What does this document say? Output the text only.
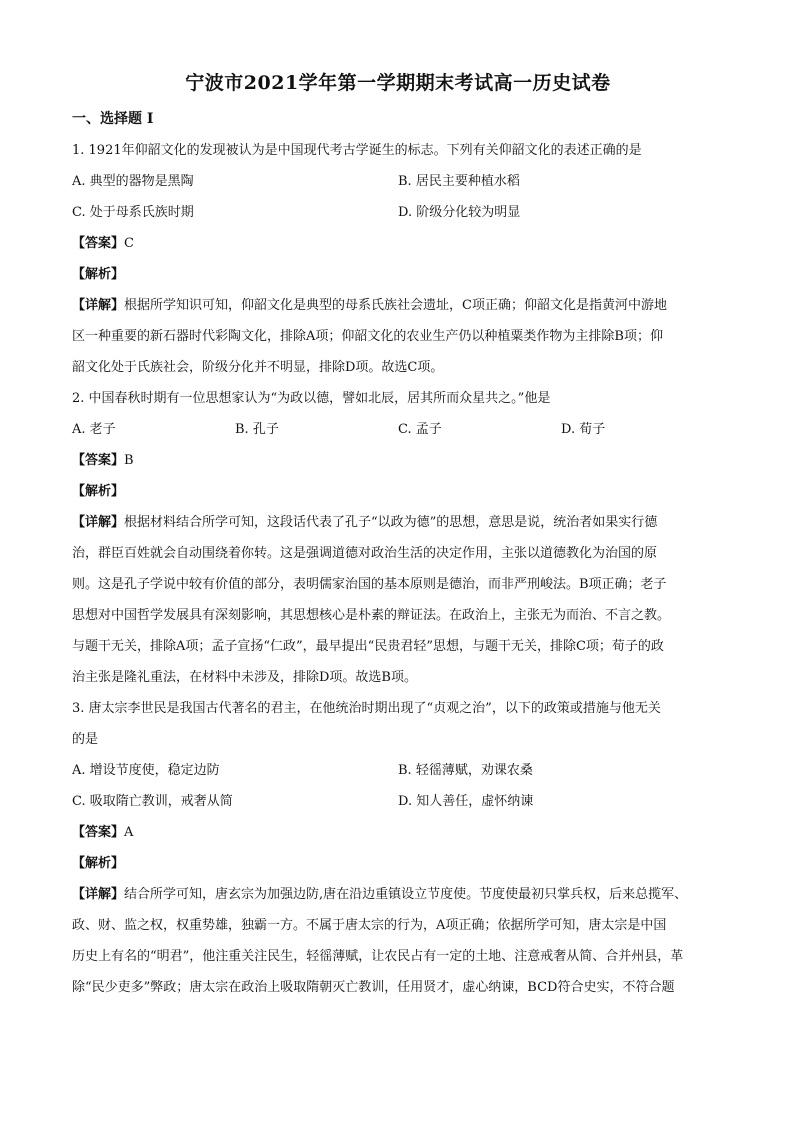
宁波市2021学年第一学期期末考试高一历史试卷
一、选择题 I
1. 1921年仰韶文化的发现被认为是中国现代考古学诞生的标志。下列有关仰韶文化的表述正确的是
A. 典型的器物是黑陶	B. 居民主要种植水稻
C. 处于母系氏族时期	D. 阶级分化较为明显
【答案】C
【解析】
【详解】根据所学知识可知，仰韶文化是典型的母系氏族社会遗址，C项正确；仰韶文化是指黄河中游地
区一种重要的新石器时代彩陶文化，排除A项；仰韶文化的农业生产仍以种植粟类作物为主排除B项；仰
韶文化处于氏族社会，阶级分化并不明显，排除D项。故选C项。
2. 中国春秋时期有一位思想家认为“为政以德，譬如北辰，居其所而众星共之。”他是
A. 老子	B. 孔子	C. 孟子	D. 荀子
【答案】B
【解析】
【详解】根据材料结合所学可知，这段话代表了孔子“以政为德”的思想，意思是说，统治者如果实行德
治，群臣百姓就会自动围绕着你转。这是强调道德对政治生活的决定作用，主张以道德教化为治国的原
则。这是孔子学说中较有价值的部分，表明儒家治国的基本原则是德治，而非严刑峻法。B项正确；老子
思想对中国哲学发展具有深刻影响，其思想核心是朴素的辩证法。在政治上，主张无为而治、不言之教。
与题干无关，排除A项；孟子宣扬“仁政”，最早提出“民贵君轻”思想，与题干无关，排除C项；荀子的政
治主张是隆礼重法，在材料中未涉及，排除D项。故选B项。
3. 唐太宗李世民是我国古代著名的君主，在他统治时期出现了“贞观之治”，以下的政策或措施与他无关
的是
A. 增设节度使，稳定边防	B. 轻徭薄赋，劝课农桑
C. 吸取隋亡教训，戒奢从简	D. 知人善任，虚怀纳谏
【答案】A
【解析】
【详解】结合所学可知，唐玄宗为加强边防,唐在沿边重镇设立节度使。节度使最初只掌兵权，后来总揽军、
政、财、监之权，权重势雄，独霸一方。不属于唐太宗的行为，A项正确；依据所学可知，唐太宗是中国
历史上有名的“明君”，他注重关注民生，轻徭薄赋，让农民占有一定的土地、注意戒奢从简、合并州县，革
除“民少吏多”弊政；唐太宗在政治上吸取隋朝灭亡教训，任用贤才，虚心纳谏，BCD符合史实，不符合题
